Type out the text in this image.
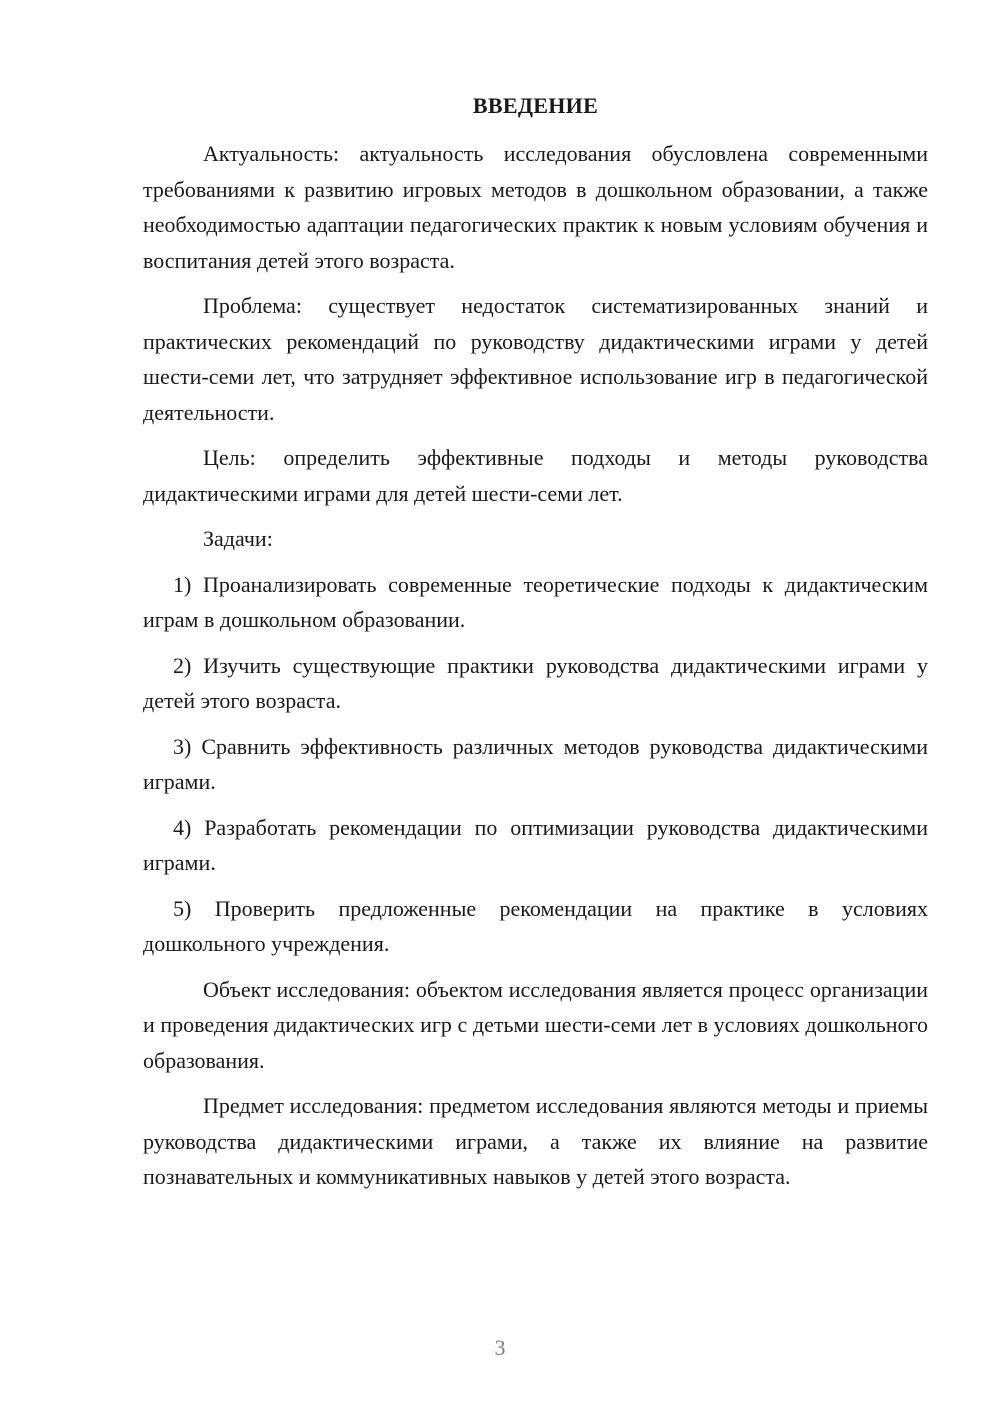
ВВЕДЕНИЕ

Актуальность: актуальность исследования обусловлена современными требованиями к развитию игровых методов в дошкольном образовании, а также необходимостью адаптации педагогических практик к новым условиям обучения и воспитания детей этого возраста.

Проблема: существует недостаток систематизированных знаний и практических рекомендаций по руководству дидактическими играми у детей шести-семи лет, что затрудняет эффективное использование игр в педагогической деятельности.

Цель: определить эффективные подходы и методы руководства дидактическими играми для детей шести-семи лет.

Задачи:

1) Проанализировать современные теоретические подходы к дидактическим играм в дошкольном образовании.

2) Изучить существующие практики руководства дидактическими играми у детей этого возраста.

3) Сравнить эффективность различных методов руководства дидактическими играми.

4) Разработать рекомендации по оптимизации руководства дидактическими играми.

5) Проверить предложенные рекомендации на практике в условиях дошкольного учреждения.

Объект исследования: объектом исследования является процесс организации и проведения дидактических игр с детьми шести-семи лет в условиях дошкольного образования.

Предмет исследования: предметом исследования являются методы и приемы руководства дидактическими играми, а также их влияние на развитие познавательных и коммуникативных навыков у детей этого возраста.

3
